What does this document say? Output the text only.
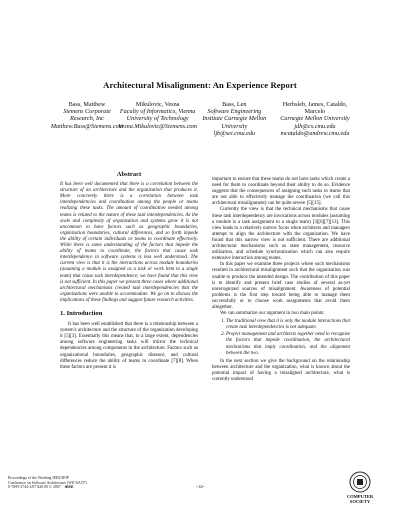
Architectural Misalignment: An Experience Report
Bass, Matthew
Siemens Corporate Research, Inc
Matthew.Bass@Siemens.com
Mikulovic, Vesna
Faculty of Informatics, Vienna University of Technology
Vesna.Mikulovic@Siemens.com
Bass, Len
Software Engineering Institute Carnegie Mellon University
ljb@sei.cmu.edu
Herbsleb, James, Cataldo, Marcelo
Carnegie Mellon University
jdh@cs.cmu.edu mcataldo@andrew.cmu.edu
Abstract

It has been well documented that there is a correlation between the structure of an architecture and the organization that produces it. More concretely there is a correlation between task interdependencies and coordination among the people or teams realizing these tasks. The amount of coordination needed among teams is related to the nature of these task interdependencies. As the scale and complexity of organization and systems grow it is not uncommon to have factors such as geographic boundaries, organization boundaries, cultural differences, and so forth impede the ability of certain individuals or teams to coordinate effectively. While there is some understanding of the factors that impede the ability of teams to coordinate, the factors that cause task interdependence in software systems is less well understood. The current view is that it is the interactions across module boundaries (assuming a module is assigned as a task or work item to a single team) that cause task interdependence; we have found that this view is not sufficient. In this paper we present three cases where additional architectural mechanisms created task interdependencies that the organizations were unable to accommodate. We go on to discuss the implications of these findings and suggest future research activities.

1. Introduction

It has been well established that there is a relationship between a system's architecture and the structure of the organization developing it [5][3]. Essentially this means that, to a large extent, dependencies among software engineering tasks will mirror the technical dependencies among components in the architecture. Factors such as organizational boundaries, geographic distance, and cultural differences reduce the ability of teams to coordinate [7][8]. When these factors are present it is

important to ensure that these teams do not have tasks which create a need for them to coordinate beyond their ability to do so. Evidence suggests that the consequences of assigning such tasks to teams that are not able to effectively manage the coordination (we call this architectural misalignment) can be quite severe [5][15].

Currently the view is that the technical mechanisms that cause these task interdependency are invocations across modules (assuming a module is a task assignment to a single team) [3][6][7][13]. This view leads to a relatively narrow focus when architects and managers attempt to align the architecture with the organization. We have found that this narrow view is not sufficient. There are additional architectural mechanisms such as state management, resource utilization, and schedule synchronization which can also require extensive interaction among teams.

In this paper we examine three projects where such mechanisms resulted in architectural misalignment such that the organization was unable to produce the intended design. The contribution of this paper is to identify and present brief case studies of several as-yet unrecognized sources of misalignment. Awareness of potential problems is the first step toward being able to manage them successfully or to choose work assignments that avoid them altogether.

We can summarize our argument in two main points:

1. The traditional view that it is only the module interactions that create task interdependencies is not adequate.
2. Project management and architects together need to recognize the factors that impede coordination, the architectural mechanisms that imply coordination, and the alignment between the two.

In the next section we give the background on the relationship between architecture and the organization, what is known about the potential impact of having a misaligned architecture, what is currently understood

Proceedings of the Working IEEE/IFIP
Conference on Software Architecture (WICSA'07)
0-7695-2744-2/07 $20.00 © 2007 IEEE	• 44•
COMPUTER
SOCIETY
